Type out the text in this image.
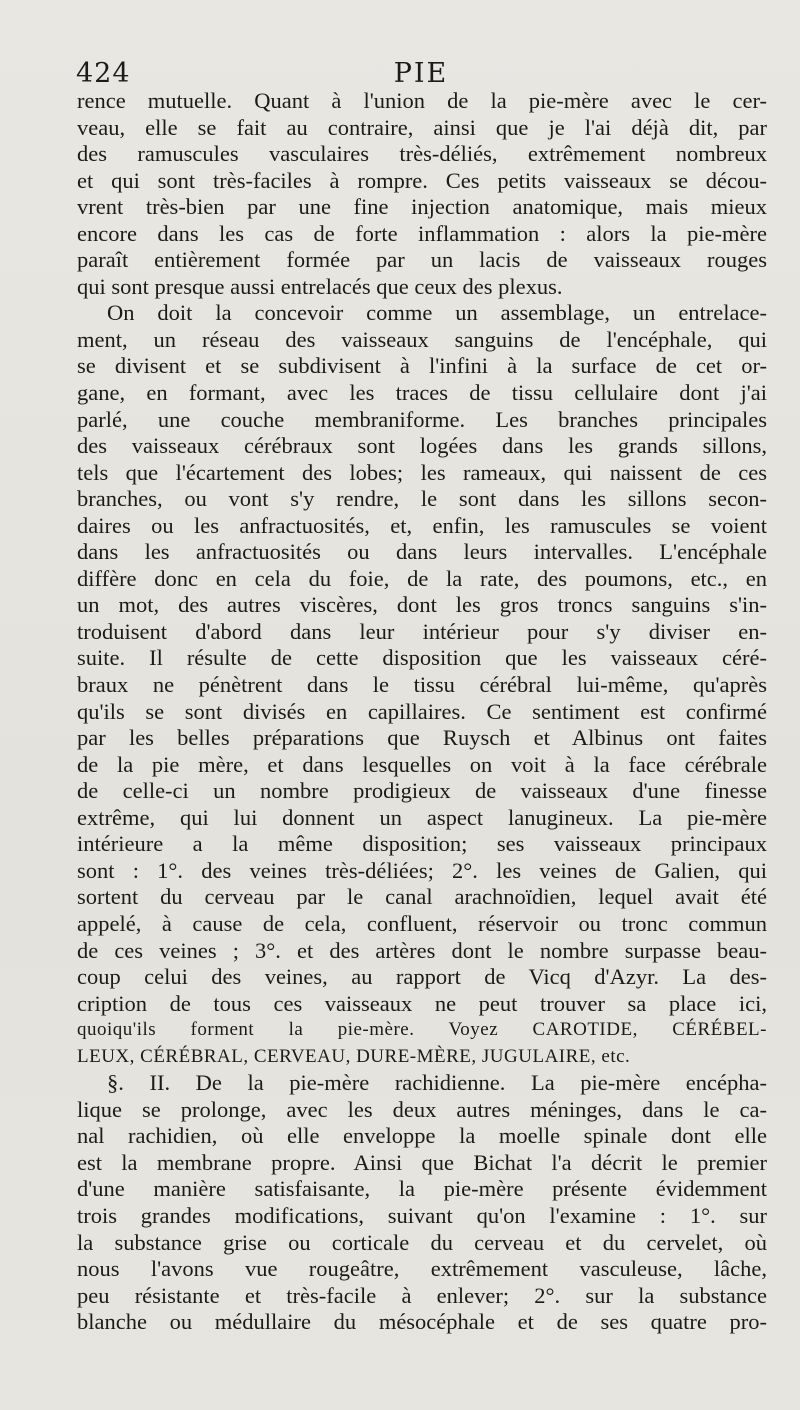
424	PIE
rence mutuelle. Quant à l'union de la pie-mère avec le cer-
veau, elle se fait au contraire, ainsi que je l'ai déjà dit, par
des ramuscules vasculaires très-déliés, extrêmement nombreux
et qui sont très-faciles à rompre. Ces petits vaisseaux se décou-
vrent très-bien par une fine injection anatomique, mais mieux
encore dans les cas de forte inflammation : alors la pie-mère
paraît entièrement formée par un lacis de vaisseaux rouges
qui sont presque aussi entrelacés que ceux des plexus.
On doit la concevoir comme un assemblage, un entrelace-
ment, un réseau des vaisseaux sanguins de l'encéphale, qui
se divisent et se subdivisent à l'infini à la surface de cet or-
gane, en formant, avec les traces de tissu cellulaire dont j'ai
parlé, une couche membraniforme. Les branches principales
des vaisseaux cérébraux sont logées dans les grands sillons,
tels que l'écartement des lobes; les rameaux, qui naissent de ces
branches, ou vont s'y rendre, le sont dans les sillons secon-
daires ou les anfractuosités, et, enfin, les ramuscules se voient
dans les anfractuosités ou dans leurs intervalles. L'encéphale
diffère donc en cela du foie, de la rate, des poumons, etc., en
un mot, des autres viscères, dont les gros troncs sanguins s'in-
troduisent d'abord dans leur intérieur pour s'y diviser en-
suite. Il résulte de cette disposition que les vaisseaux céré-
braux ne pénètrent dans le tissu cérébral lui-même, qu'après
qu'ils se sont divisés en capillaires. Ce sentiment est confirmé
par les belles préparations que Ruysch et Albinus ont faites
de la pie mère, et dans lesquelles on voit à la face cérébrale
de celle-ci un nombre prodigieux de vaisseaux d'une finesse
extrême, qui lui donnent un aspect lanugineux. La pie-mère
intérieure a la même disposition; ses vaisseaux principaux
sont : 1°. des veines très-déliées; 2°. les veines de Galien, qui
sortent du cerveau par le canal arachnoïdien, lequel avait été
appelé, à cause de cela, confluent, réservoir ou tronc commun
de ces veines ; 3°. et des artères dont le nombre surpasse beau-
coup celui des veines, au rapport de Vicq d'Azyr. La des-
cription de tous ces vaisseaux ne peut trouver sa place ici,
quoiqu'ils forment la pie-mère. Voyez CAROTIDE, CÉRÉBEL-
LEUX, CÉRÉBRAL, CERVEAU, DURE-MÈRE, JUGULAIRE, etc.
§. II. De la pie-mère rachidienne. La pie-mère encépha-
lique se prolonge, avec les deux autres méninges, dans le ca-
nal rachidien, où elle enveloppe la moelle spinale dont elle
est la membrane propre. Ainsi que Bichat l'a décrit le premier
d'une manière satisfaisante, la pie-mère présente évidemment
trois grandes modifications, suivant qu'on l'examine : 1°. sur
la substance grise ou corticale du cerveau et du cervelet, où
nous l'avons vue rougeâtre, extrêmement vasculeuse, lâche,
peu résistante et très-facile à enlever; 2°. sur la substance
blanche ou médullaire du mésocéphale et de ses quatre pro-
